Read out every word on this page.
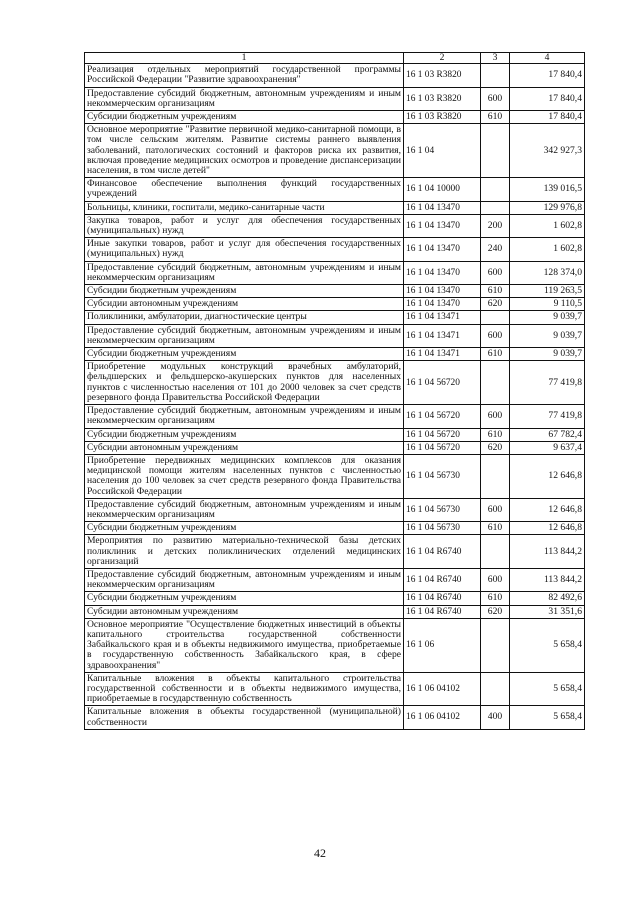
1	2	3	4
Реализация отдельных мероприятий государственной программы Российской Федерации "Развитие здравоохранения"	16 1 03 R3820		17 840,4
Предоставление субсидий бюджетным, автономным учреждениям и иным некоммерческим организациям	16 1 03 R3820	600	17 840,4
Субсидии бюджетным учреждениям	16 1 03 R3820	610	17 840,4
Основное мероприятие "Развитие первичной медико-санитарной помощи, в том числе сельским жителям. Развитие системы раннего выявления заболеваний, патологических состояний и факторов риска их развития, включая проведение медицинских осмотров и проведение диспансеризации населения, в том числе детей"	16 1 04		342 927,3
Финансовое обеспечение выполнения функций государственных учреждений	16 1 04 10000		139 016,5
Больницы, клиники, госпитали, медико-санитарные части	16 1 04 13470		129 976,8
Закупка товаров, работ и услуг для обеспечения государственных (муниципальных) нужд	16 1 04 13470	200	1 602,8
Иные закупки товаров, работ и услуг для обеспечения государственных (муниципальных) нужд	16 1 04 13470	240	1 602,8
Предоставление субсидий бюджетным, автономным учреждениям и иным некоммерческим организациям	16 1 04 13470	600	128 374,0
Субсидии бюджетным учреждениям	16 1 04 13470	610	119 263,5
Субсидии автономным учреждениям	16 1 04 13470	620	9 110,5
Поликлиники, амбулатории, диагностические центры	16 1 04 13471		9 039,7
Предоставление субсидий бюджетным, автономным учреждениям и иным некоммерческим организациям	16 1 04 13471	600	9 039,7
Субсидии бюджетным учреждениям	16 1 04 13471	610	9 039,7
Приобретение модульных конструкций врачебных амбулаторий, фельдшерских и фельдшерско-акушерских пунктов для населенных пунктов с численностью населения от 101 до 2000 человек за счет средств резервного фонда Правительства Российской Федерации	16 1 04 56720		77 419,8
Предоставление субсидий бюджетным, автономным учреждениям и иным некоммерческим организациям	16 1 04 56720	600	77 419,8
Субсидии бюджетным учреждениям	16 1 04 56720	610	67 782,4
Субсидии автономным учреждениям	16 1 04 56720	620	9 637,4
Приобретение передвижных медицинских комплексов для оказания медицинской помощи жителям населенных пунктов с численностью населения до 100 человек за счет средств резервного фонда Правительства Российской Федерации	16 1 04 56730		12 646,8
Предоставление субсидий бюджетным, автономным учреждениям и иным некоммерческим организациям	16 1 04 56730	600	12 646,8
Субсидии бюджетным учреждениям	16 1 04 56730	610	12 646,8
Мероприятия по развитию материально-технической базы детских поликлиник и детских поликлинических отделений медицинских организаций	16 1 04 R6740		113 844,2
Предоставление субсидий бюджетным, автономным учреждениям и иным некоммерческим организациям	16 1 04 R6740	600	113 844,2
Субсидии бюджетным учреждениям	16 1 04 R6740	610	82 492,6
Субсидии автономным учреждениям	16 1 04 R6740	620	31 351,6
Основное мероприятие "Осуществление бюджетных инвестиций в объекты капитального строительства государственной собственности Забайкальского края и в объекты недвижимого имущества, приобретаемые в государственную собственность Забайкальского края, в сфере здравоохранения"	16 1 06		5 658,4
Капитальные вложения в объекты капитального строительства государственной собственности и в объекты недвижимого имущества, приобретаемые в государственную собственность	16 1 06 04102		5 658,4
Капитальные вложения в объекты государственной (муниципальной) собственности	16 1 06 04102	400	5 658,4
42
